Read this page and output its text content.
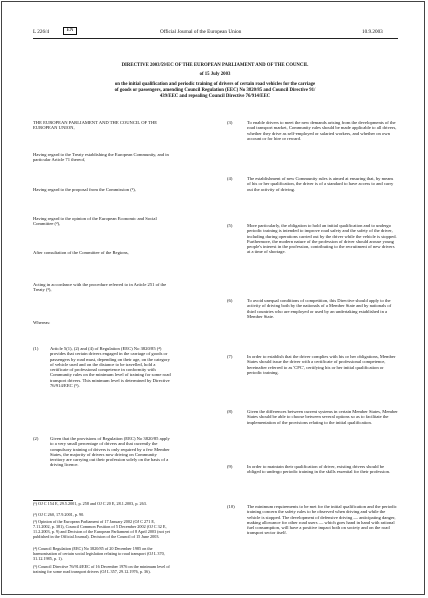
L 226/4	EN	Official Journal of the European Union	10.9.2003
DIRECTIVE 2003/59/EC OF THE EUROPEAN PARLIAMENT AND OF THE COUNCIL
of 15 July 2003
on the initial qualification and periodic training of drivers of certain road vehicles for the carriage
of goods or passengers, amending Council Regulation (EEC) No 3820/85 and Council Directive 91/
439/EEC and repealing Council Directive 76/914/EEC

THE EUROPEAN PARLIAMENT AND THE COUNCIL OF THE EUROPEAN UNION,

Having regard to the Treaty establishing the European Community, and in particular Article 71 thereof,

Having regard to the proposal from the Commission (¹),

Having regard to the opinion of the European Economic and Social Committee (²),

After consultation of the Committee of the Regions,

Acting in accordance with the procedure referred to in Article 251 of the Treaty (³),

Whereas:

(1)	Article 5(1), (2) and (4) of Regulation (EEC) No 3820/85 (⁴) provides that certain drivers engaged in the carriage of goods or passengers by road must, depending on their age, on the category of vehicle used and on the distance to be travelled, hold a certificate of professional competence in conformity with Community rules on the minimum level of training for some road transport drivers. This minimum level is determined by Directive 76/914/EEC (⁵).

(2)	Given that the provisions of Regulation (EEC) No 3820/85 apply to a very small percentage of drivers and that currently the compulsory training of drivers is only required by a few Member States, the majority of drivers now driving on Community territory are carrying out their profession solely on the basis of a driving licence.

(¹) OJ C 154 E, 29.5.2001, p. 258 and OJ C 20 E, 28.1.2003, p. 263.

(²) OJ C 260, 17.9.2001, p. 90.

(³) Opinion of the European Parliament of 17 January 2002 (OJ C 271 E, 7.11.2002, p. 381), Council Common Position of 5 December 2002 (OJ C 32 E, 11.2.2003, p. 9) and Decision of the European Parliament of 8 April 2003 (not yet published in the Official Journal). Decision of the Council of 15 June 2003.

(⁴) Council Regulation (EEC) No 3820/85 of 20 December 1985 on the harmonisation of certain social legislation relating to road transport (OJ L 370, 31.12.1985, p. 1).

(⁵) Council Directive 76/914/EEC of 16 December 1976 on the minimum level of training for some road transport drivers (OJ L 357, 29.12.1976, p. 36).

(3)	To enable drivers to meet the new demands arising from the developments of the road transport market, Community rules should be made applicable to all drivers, whether they drive as self-employed or salaried workers, and whether on own account or for hire or reward.

(4)	The establishment of new Community rules is aimed at ensuring that, by means of his or her qualification, the driver is of a standard to have access to and carry out the activity of driving.

(5)	More particularly, the obligation to hold an initial qualification and to undergo periodic training is intended to improve road safety and the safety of the driver, including during operations carried out by the driver while the vehicle is stopped. Furthermore, the modern nature of the profession of driver should arouse young people's interest in the profession, contributing to the recruitment of new drivers at a time of shortage.

(6)	To avoid unequal conditions of competition, this Directive should apply to the activity of driving both by the nationals of a Member State and by nationals of third countries who are employed or used by an undertaking established in a Member State.

(7)	In order to establish that the driver complies with his or her obligations, Member States should issue the driver with a certificate of professional competence, hereinafter referred to as 'CPC', certifying his or her initial qualification or periodic training.

(8)	Given the differences between current systems in certain Member States, Member States should be able to choose between several options so as to facilitate the implementation of the provisions relating to the initial qualification.

(9)	In order to maintain their qualification of driver, existing drivers should be obliged to undergo periodic training in the skills essential for their profession.

(10)	The minimum requirements to be met for the initial qualification and the periodic training concern the safety rules to be observed when driving and while the vehicle is stopped. The development of defensive driving — anticipating danger, making allowance for other road users — which goes hand in hand with rational fuel consumption, will have a positive impact both on society and on the road transport sector itself.
